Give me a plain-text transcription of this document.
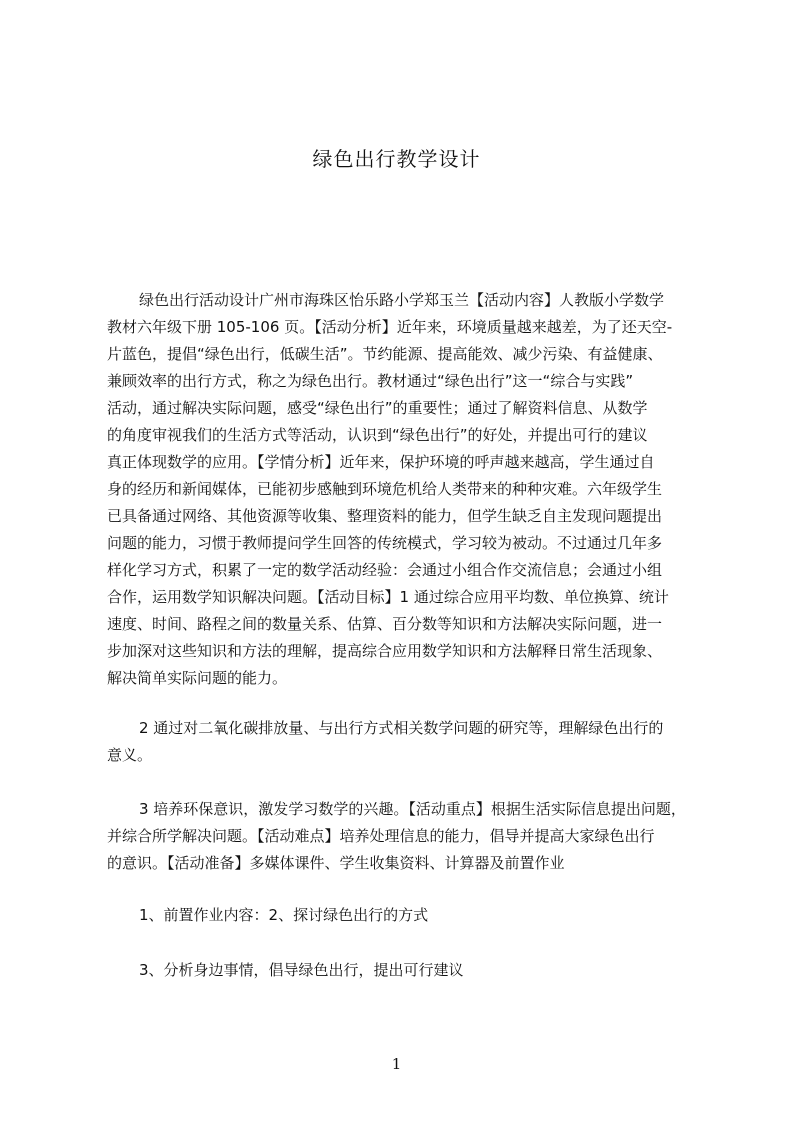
绿色出行教学设计
绿色出行活动设计广州市海珠区怡乐路小学郑玉兰【活动内容】人教版小学数学
教材六年级下册 105-106 页。【活动分析】近年来，环境质量越来越差，为了还天空-
片蓝色，提倡“绿色出行，低碳生活”。节约能源、提高能效、减少污染、有益健康、
兼顾效率的出行方式，称之为绿色出行。教材通过“绿色出行”这一“综合与实践”
活动，通过解决实际问题，感受“绿色出行”的重要性；通过了解资料信息、从数学
的角度审视我们的生活方式等活动，认识到“绿色出行”的好处，并提出可行的建议
真正体现数学的应用。【学情分析】近年来，保护环境的呼声越来越高，学生通过自
身的经历和新闻媒体，已能初步感触到环境危机给人类带来的种种灾难。六年级学生
已具备通过网络、其他资源等收集、整理资料的能力，但学生缺乏自主发现问题提出
问题的能力，习惯于教师提问学生回答的传统模式，学习较为被动。不过通过几年多
样化学习方式，积累了一定的数学活动经验：会通过小组合作交流信息；会通过小组
合作，运用数学知识解决问题。【活动目标】1 通过综合应用平均数、单位换算、统计
速度、时间、路程之间的数量关系、估算、百分数等知识和方法解决实际问题，进一
步加深对这些知识和方法的理解，提高综合应用数学知识和方法解释日常生活现象、
解决简单实际问题的能力。
2 通过对二氧化碳排放量、与出行方式相关数学问题的研究等，理解绿色出行的
意义。
3 培养环保意识，激发学习数学的兴趣。【活动重点】根据生活实际信息提出问题，
并综合所学解决问题。【活动难点】培养处理信息的能力，倡导并提高大家绿色出行
的意识。【活动准备】多媒体课件、学生收集资料、计算器及前置作业
1、前置作业内容：2、探讨绿色出行的方式
3、分析身边事情，倡导绿色出行，提出可行建议
1
